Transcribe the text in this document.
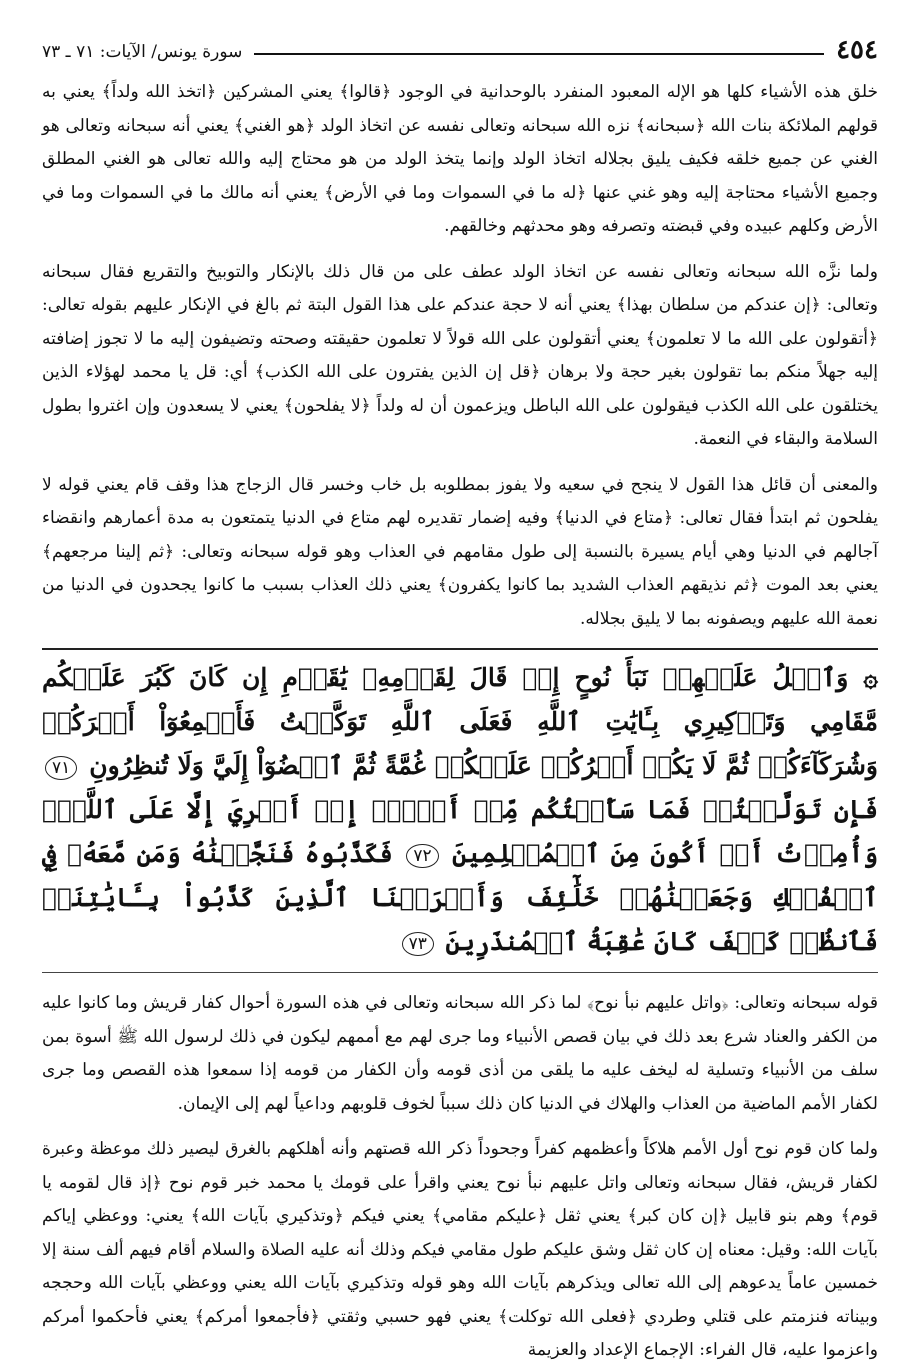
٤٥٤
سورة يونس/ الآيات: ٧١ ـ ٧٣

خلق هذه الأشياء كلها هو الإله المعبود المنفرد بالوحدانية في الوجود ﴿قالوا﴾ يعني المشركين ﴿اتخذ الله ولداً﴾ يعني به قولهم الملائكة بنات الله ﴿سبحانه﴾ نزه الله سبحانه وتعالى نفسه عن اتخاذ الولد ﴿هو الغني﴾ يعني أنه سبحانه وتعالى هو الغني عن جميع خلقه فكيف يليق بجلاله اتخاذ الولد وإنما يتخذ الولد من هو محتاج إليه والله تعالى هو الغني المطلق وجميع الأشياء محتاجة إليه وهو غني عنها ﴿له ما في السموات وما في الأرض﴾ يعني أنه مالك ما في السموات وما في الأرض وكلهم عبيده وفي قبضته وتصرفه وهو محدثهم وخالقهم.

ولما نزَّه الله سبحانه وتعالى نفسه عن اتخاذ الولد عطف على من قال ذلك بالإنكار والتوبيخ والتقريع فقال سبحانه وتعالى: ﴿إن عندكم من سلطان بهذا﴾ يعني أنه لا حجة عندكم على هذا القول البتة ثم بالغ في الإنكار عليهم بقوله تعالى: ﴿أتقولون على الله ما لا تعلمون﴾ يعني أتقولون على الله قولاً لا تعلمون حقيقته وصحته وتضيفون إليه ما لا تجوز إضافته إليه جهلاً منكم بما تقولون بغير حجة ولا برهان ﴿قل إن الذين يفترون على الله الكذب﴾ أي: قل يا محمد لهؤلاء الذين يختلقون على الله الكذب فيقولون على الله الباطل ويزعمون أن له ولداً ﴿لا يفلحون﴾ يعني لا يسعدون وإن اغتروا بطول السلامة والبقاء في النعمة.

والمعنى أن قائل هذا القول لا ينجح في سعيه ولا يفوز بمطلوبه بل خاب وخسر قال الزجاج هذا وقف قام يعني قوله لا يفلحون ثم ابتدأ فقال تعالى: ﴿متاع في الدنيا﴾ وفيه إضمار تقديره لهم متاع في الدنيا يتمتعون به مدة أعمارهم وانقضاء آجالهم في الدنيا وهي أيام يسيرة بالنسبة إلى طول مقامهم في العذاب وهو قوله سبحانه وتعالى: ﴿ثم إلينا مرجعهم﴾ يعني بعد الموت ﴿ثم نذيقهم العذاب الشديد بما كانوا يكفرون﴾ يعني ذلك العذاب بسبب ما كانوا يجحدون في الدنيا من نعمة الله عليهم ويصفونه بما لا يليق بجلاله.

۞ وَٱتۡلُ عَلَيۡهِمۡ نَبَأَ نُوحٍ إِذۡ قَالَ لِقَوۡمِهِۦ يَٰقَوۡمِ إِن كَانَ كَبُرَ عَلَيۡكُم مَّقَامِي وَتَذۡكِيرِي بِـَٔايَٰتِ ٱللَّهِ فَعَلَى ٱللَّهِ تَوَكَّلۡتُ فَأَجۡمِعُوٓاْ أَمۡرَكُمۡ وَشُرَكَآءَكُمۡ ثُمَّ لَا يَكُنۡ أَمۡرُكُمۡ عَلَيۡكُمۡ غُمَّةً ثُمَّ ٱقۡضُوٓاْ إِلَيَّ وَلَا تُنظِرُونِ ٧١ فَإِن تَوَلَّيۡتُمۡ فَمَا سَأَلۡتُكُم مِّنۡ أَجۡرٍۖ إِنۡ أَجۡرِيَ إِلَّا عَلَى ٱللَّهِۖ وَأُمِرۡتُ أَنۡ أَكُونَ مِنَ ٱلۡمُسۡلِمِينَ ٧٢ فَكَذَّبُوهُ فَنَجَّيۡنَٰهُ وَمَن مَّعَهُۥ فِي ٱلۡفُلۡكِ وَجَعَلۡنَٰهُمۡ خَلَٰٓئِفَ وَأَغۡرَقۡنَا ٱلَّذِينَ كَذَّبُواْ بِـَٔايَٰتِنَاۖ فَٱنظُرۡ كَيۡفَ كَانَ عَٰقِبَةُ ٱلۡمُنذَرِينَ ٧٣

قوله سبحانه وتعالى: ﴿واتل عليهم نبأ نوح﴾ لما ذكر الله سبحانه وتعالى في هذه السورة أحوال كفار قريش وما كانوا عليه من الكفر والعناد شرع بعد ذلك في بيان قصص الأنبياء وما جرى لهم مع أممهم ليكون في ذلك لرسول الله ﷺ أسوة بمن سلف من الأنبياء وتسلية له ليخف عليه ما يلقى من أذى قومه وأن الكفار من قومه إذا سمعوا هذه القصص وما جرى لكفار الأمم الماضية من العذاب والهلاك في الدنيا كان ذلك سبباً لخوف قلوبهم وداعياً لهم إلى الإيمان.

ولما كان قوم نوح أول الأمم هلاكاً وأعظمهم كفراً وجحوداً ذكر الله قصتهم وأنه أهلكهم بالغرق ليصير ذلك موعظة وعبرة لكفار قريش، فقال سبحانه وتعالى واتل عليهم نبأ نوح يعني واقرأ على قومك يا محمد خبر قوم نوح ﴿إذ قال لقومه يا قوم﴾ وهم بنو قابيل ﴿إن كان كبر﴾ يعني ثقل ﴿عليكم مقامي﴾ يعني فيكم ﴿وتذكيري بآيات الله﴾ يعني: ووعظي إياكم بآيات الله: وقيل: معناه إن كان ثقل وشق عليكم طول مقامي فيكم وذلك أنه عليه الصلاة والسلام أقام فيهم ألف سنة إلا خمسين عاماً يدعوهم إلى الله تعالى ويذكرهم بآيات الله وهو قوله وتذكيري بآيات الله يعني ووعظي بآيات الله وحججه وبيناته فنزمتم على قتلي وطردي ﴿فعلى الله توكلت﴾ يعني فهو حسبي وثقتي ﴿فأجمعوا أمركم﴾ يعني فأحكموا أمركم واعزموا عليه، قال الفراء: الإجماع الإعداد والعزيمة
